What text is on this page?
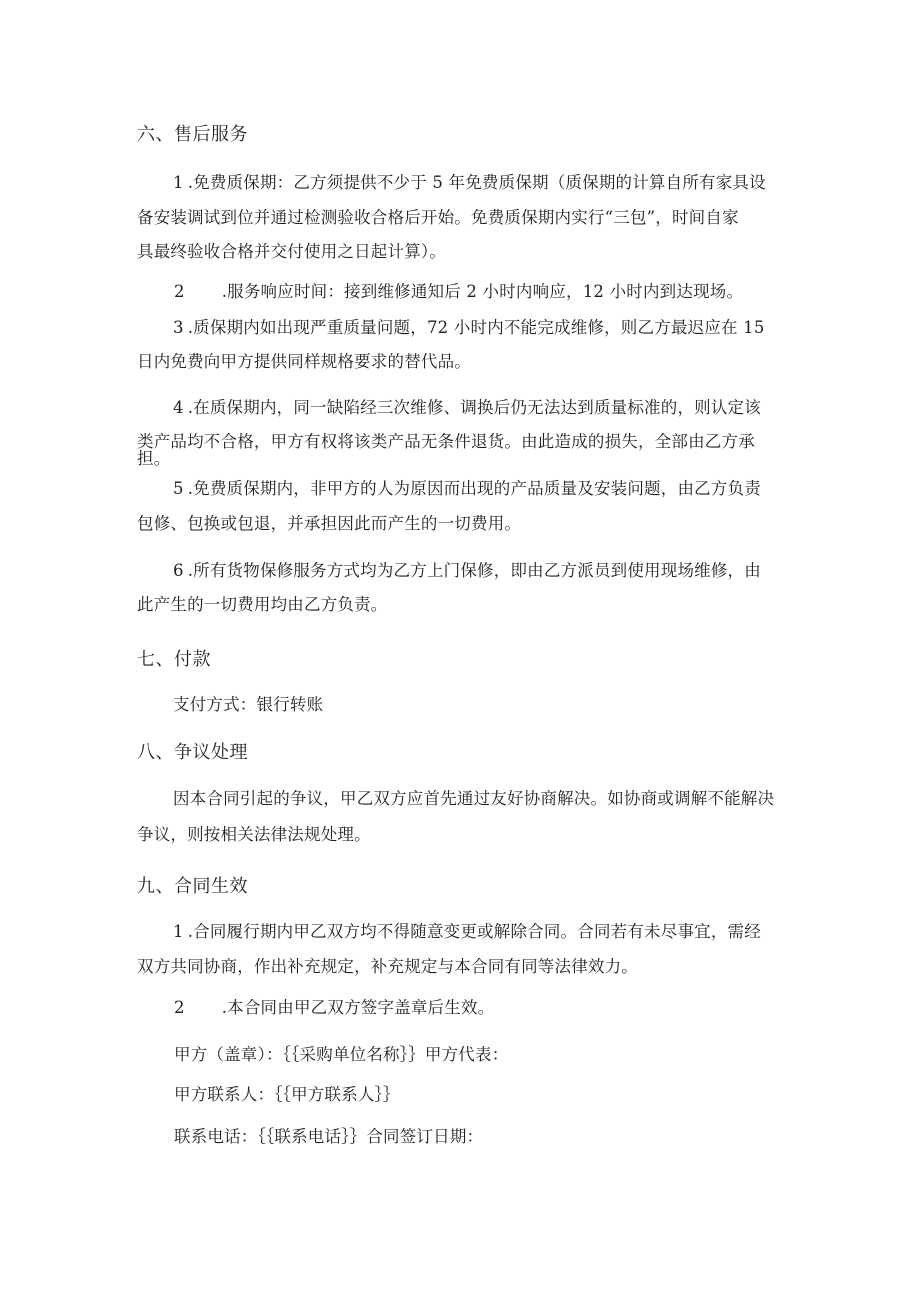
六、售后服务
1 .免费质保期：乙方须提供不少于 5 年免费质保期（质保期的计算自所有家具设
备安装调试到位并通过检测验收合格后开始。免费质保期内实行“三包”，时间自家
具最终验收合格并交付使用之日起计算）。
2 .服务响应时间：接到维修通知后 2 小时内响应，12 小时内到达现场。
3 .质保期内如出现严重质量问题，72 小时内不能完成维修，则乙方最迟应在 15
日内免费向甲方提供同样规格要求的替代品。
4 .在质保期内，同一缺陷经三次维修、调换后仍无法达到质量标准的，则认定该
类产品均不合格，甲方有权将该类产品无条件退货。由此造成的损失，全部由乙方承担。
5 .免费质保期内，非甲方的人为原因而出现的产品质量及安装问题，由乙方负责
包修、包换或包退，并承担因此而产生的一切费用。
6 .所有货物保修服务方式均为乙方上门保修，即由乙方派员到使用现场维修，由
此产生的一切费用均由乙方负责。
七、付款
支付方式：银行转账
八、争议处理
因本合同引起的争议，甲乙双方应首先通过友好协商解决。如协商或调解不能解决
争议，则按相关法律法规处理。
九、合同生效
1 .合同履行期内甲乙双方均不得随意变更或解除合同。合同若有未尽事宜，需经
双方共同协商，作出补充规定，补充规定与本合同有同等法律效力。
2 .本合同由甲乙双方签字盖章后生效。
甲方（盖章）：｛｛采购单位名称｝｝甲方代表：
甲方联系人：｛｛甲方联系人｝｝
联系电话：｛｛联系电话｝｝合同签订日期：
